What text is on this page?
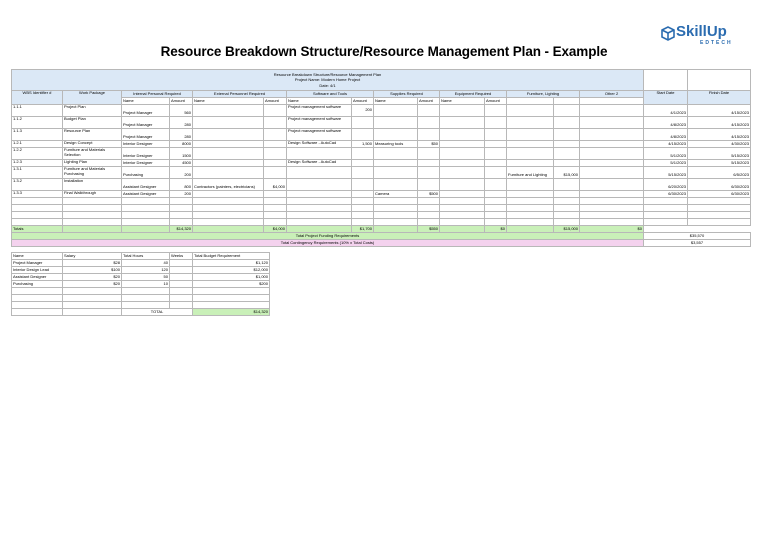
Resource Breakdown Structure/Resource Management Plan - Example
SkillUp
EDTECH
Resource Breakdown Structure/Resource Management Plan
Project Name: Modern Home Project
Date: 4/1																

WBS Identifier #	Work Package	Internal Personal Required		External Personnel Required		Software and Tools		Supplies Required		Equipment Required		Furniture, Lighting		Other 2	Start Date	Finish Date
		Name	Amount	Name	Amount	Name	Amount	Name	Amount	Name	Amount					
1.1.1	Project Plan	Project Manager	560			Project management software	200								4/1/2023	4/15/2023
1.1.2	Budget Plan	Project Manager	280			Project management software									4/8/2023	4/15/2023
1.1.3	Resource Plan	Project Manager	280			Project management software									4/8/2023	4/15/2023
1.2.1	Design Concept	Interior Designer	8000			Design Software - AutoCad	1,500	Measuring tools	$50						4/15/2023	4/30/2023
1.2.2	Furniture and Materials Selection	Interior Designer	1500												5/1/2023	5/15/2023
1.2.3	Lighting Plan	Interior Designer	4500			Design Software - AutoCad									5/1/2023	5/15/2023
1.3.1	Furniture and Materials Purchasing	Purchasing	200									Furniture and Lighting	$15,000		5/15/2023	6/5/2023
1.3.2	Installation	Assistant Designer	800	Contractors (painters, electricians)	$4,000										6/20/2023	6/30/2023
1.3.3	Final Walkthrough	Assistant Designer	200					Camera	$500						6/30/2023	6/30/2023

Totals			$14,320		$4,000		$1,700		$550		$0		$15,000	$0		
Total Project Funding Requirements															$35,570	
Total Contingency Requirements (10% x Total Costs)															$3,557	
Name	Salary	Total Hours	Weeks	Total Budget Requirement
Project Manager	$28	40		$1,120
Interior Design Lead	$100	120		$12,000
Assistant Designer	$20	50		$1,000
Purchasing	$20	10		$200

		TOTAL		$14,320
